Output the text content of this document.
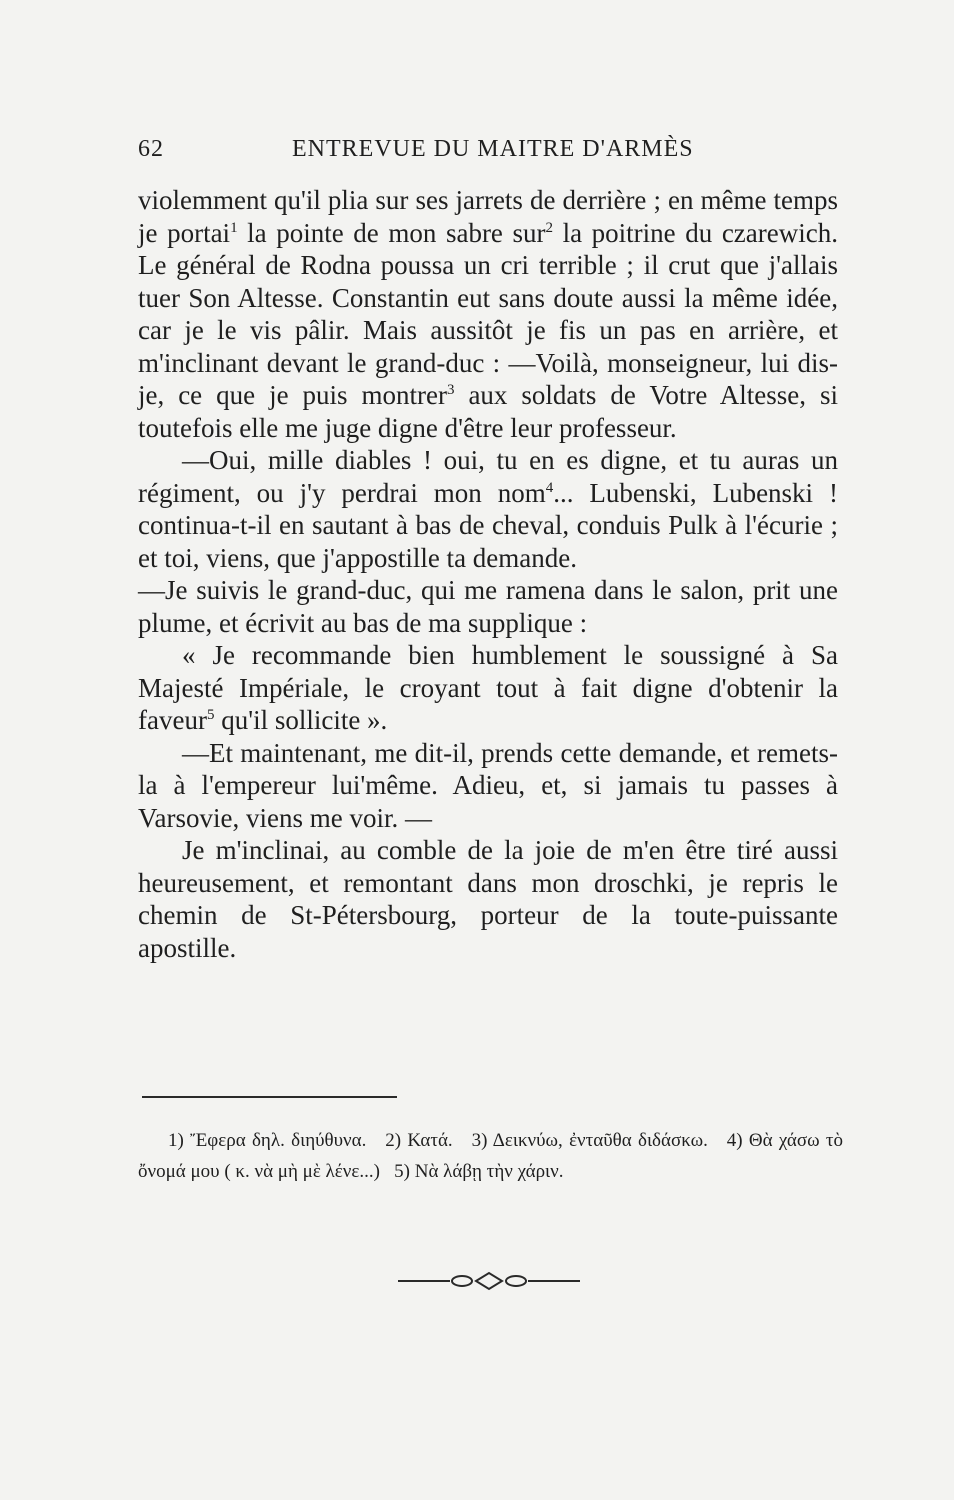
62	ENTREVUE DU MAITRE D'ARMÈS

violemment qu'il plia sur ses jarrets de derrière ; en même temps je portai$^1$ la pointe de mon sabre sur$^2$ la poitrine du czarewich. Le général de Rodna poussa un cri terrible ; il crut que j'allais tuer Son Altesse. Constantin eut sans doute aussi la même idée, car je le vis pâlir. Mais aussitôt je fis un pas en arrière, et m'inclinant devant le grand-duc : —Voilà, monseigneur, lui dis-je, ce que je puis montrer$^3$ aux soldats de Votre Altesse, si toutefois elle me juge digne d'être leur professeur.

—Oui, mille diables ! oui, tu en es digne, et tu auras un régiment, ou j'y perdrai mon nom$^4$... Lubenski, Lubenski ! continua-t-il en sautant à bas de cheval, conduis Pulk à l'écurie ; et toi, viens, que j'appostille ta demande.

—Je suivis le grand-duc, qui me ramena dans le salon, prit une plume, et écrivit au bas de ma supplique :

« Je recommande bien humblement le soussigné à Sa Majesté Impériale, le croyant tout à fait digne d'obtenir la faveur$^5$ qu'il sollicite ».

—Et maintenant, me dit-il, prends cette demande, et remets-la à l'empereur lui'même. Adieu, et, si jamais tu passes à Varsovie, viens me voir. —

Je m'inclinai, au comble de la joie de m'en être tiré aussi heureusement, et remontant dans mon droschki, je repris le chemin de St-Pétersbourg, porteur de la toute-puissante apostille.

1) Ἔφερα δηλ. διηύθυνα. 2) Κατά. 3) Δεικνύω, ἐνταῦθα διδάσκω. 4) Θὰ χάσω τὸ ὄνομά μου ( κ. νὰ μὴ μὲ λένε...) 5) Νὰ λάβῃ τὴν χάριν.
